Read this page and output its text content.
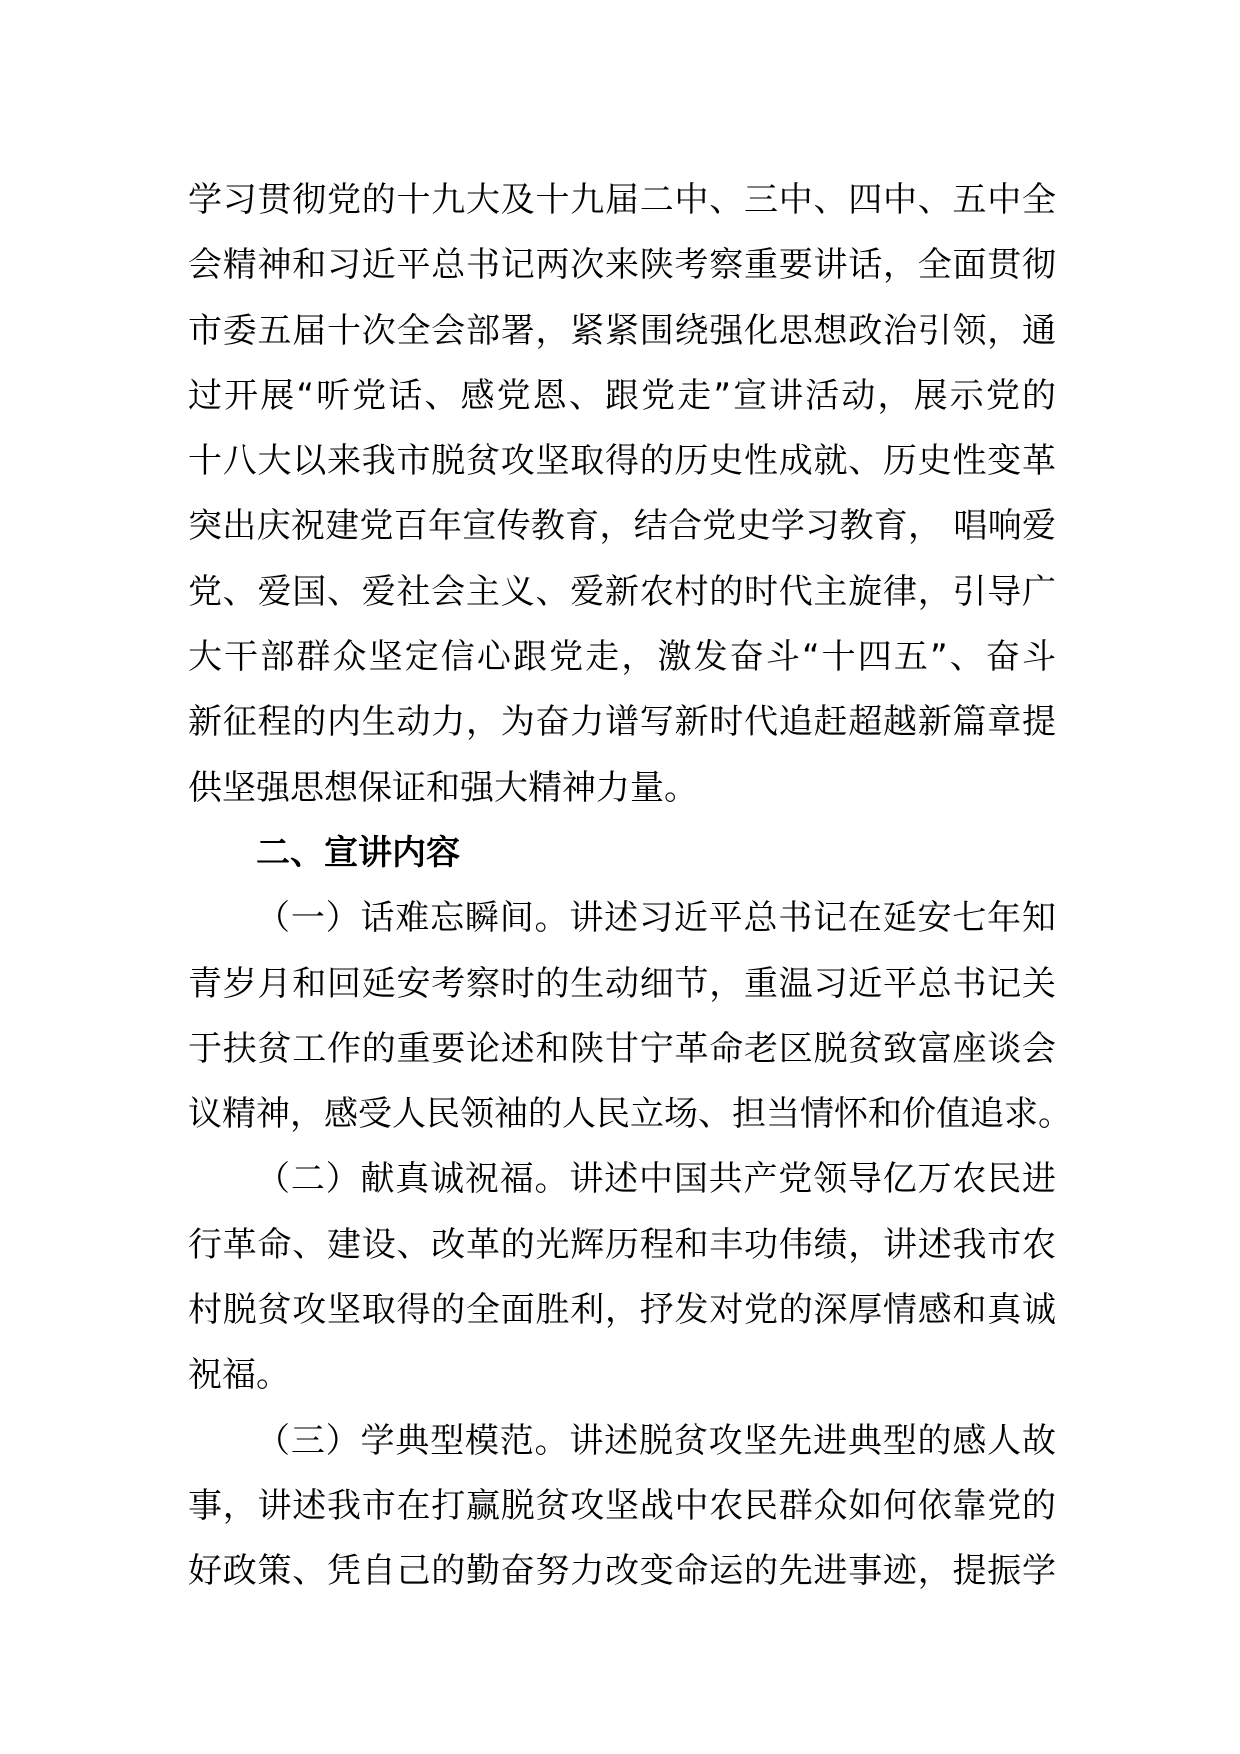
学习贯彻党的十九大及十九届二中、三中、四中、五中全
会精神和习近平总书记两次来陕考察重要讲话，全面贯彻
市委五届十次全会部署，紧紧围绕强化思想政治引领，通
过开展“听党话、感党恩、跟党走”宣讲活动，展示党的
十八大以来我市脱贫攻坚取得的历史性成就、历史性变革
突出庆祝建党百年宣传教育，结合党史学习教育， 唱响爱
党、爱国、爱社会主义、爱新农村的时代主旋律，引导广
大干部群众坚定信心跟党走，激发奋斗“十四五”、奋斗
新征程的内生动力，为奋力谱写新时代追赶超越新篇章提
供坚强思想保证和强大精神力量。
二、宣讲内容
（一）话难忘瞬间。讲述习近平总书记在延安七年知
青岁月和回延安考察时的生动细节，重温习近平总书记关
于扶贫工作的重要论述和陕甘宁革命老区脱贫致富座谈会
议精神，感受人民领袖的人民立场、担当情怀和价值追求。
（二）献真诚祝福。讲述中国共产党领导亿万农民进
行革命、建设、改革的光辉历程和丰功伟绩，讲述我市农
村脱贫攻坚取得的全面胜利，抒发对党的深厚情感和真诚
祝福。
（三）学典型模范。讲述脱贫攻坚先进典型的感人故
事，讲述我市在打赢脱贫攻坚战中农民群众如何依靠党的
好政策、凭自己的勤奋努力改变命运的先进事迹，提振学
